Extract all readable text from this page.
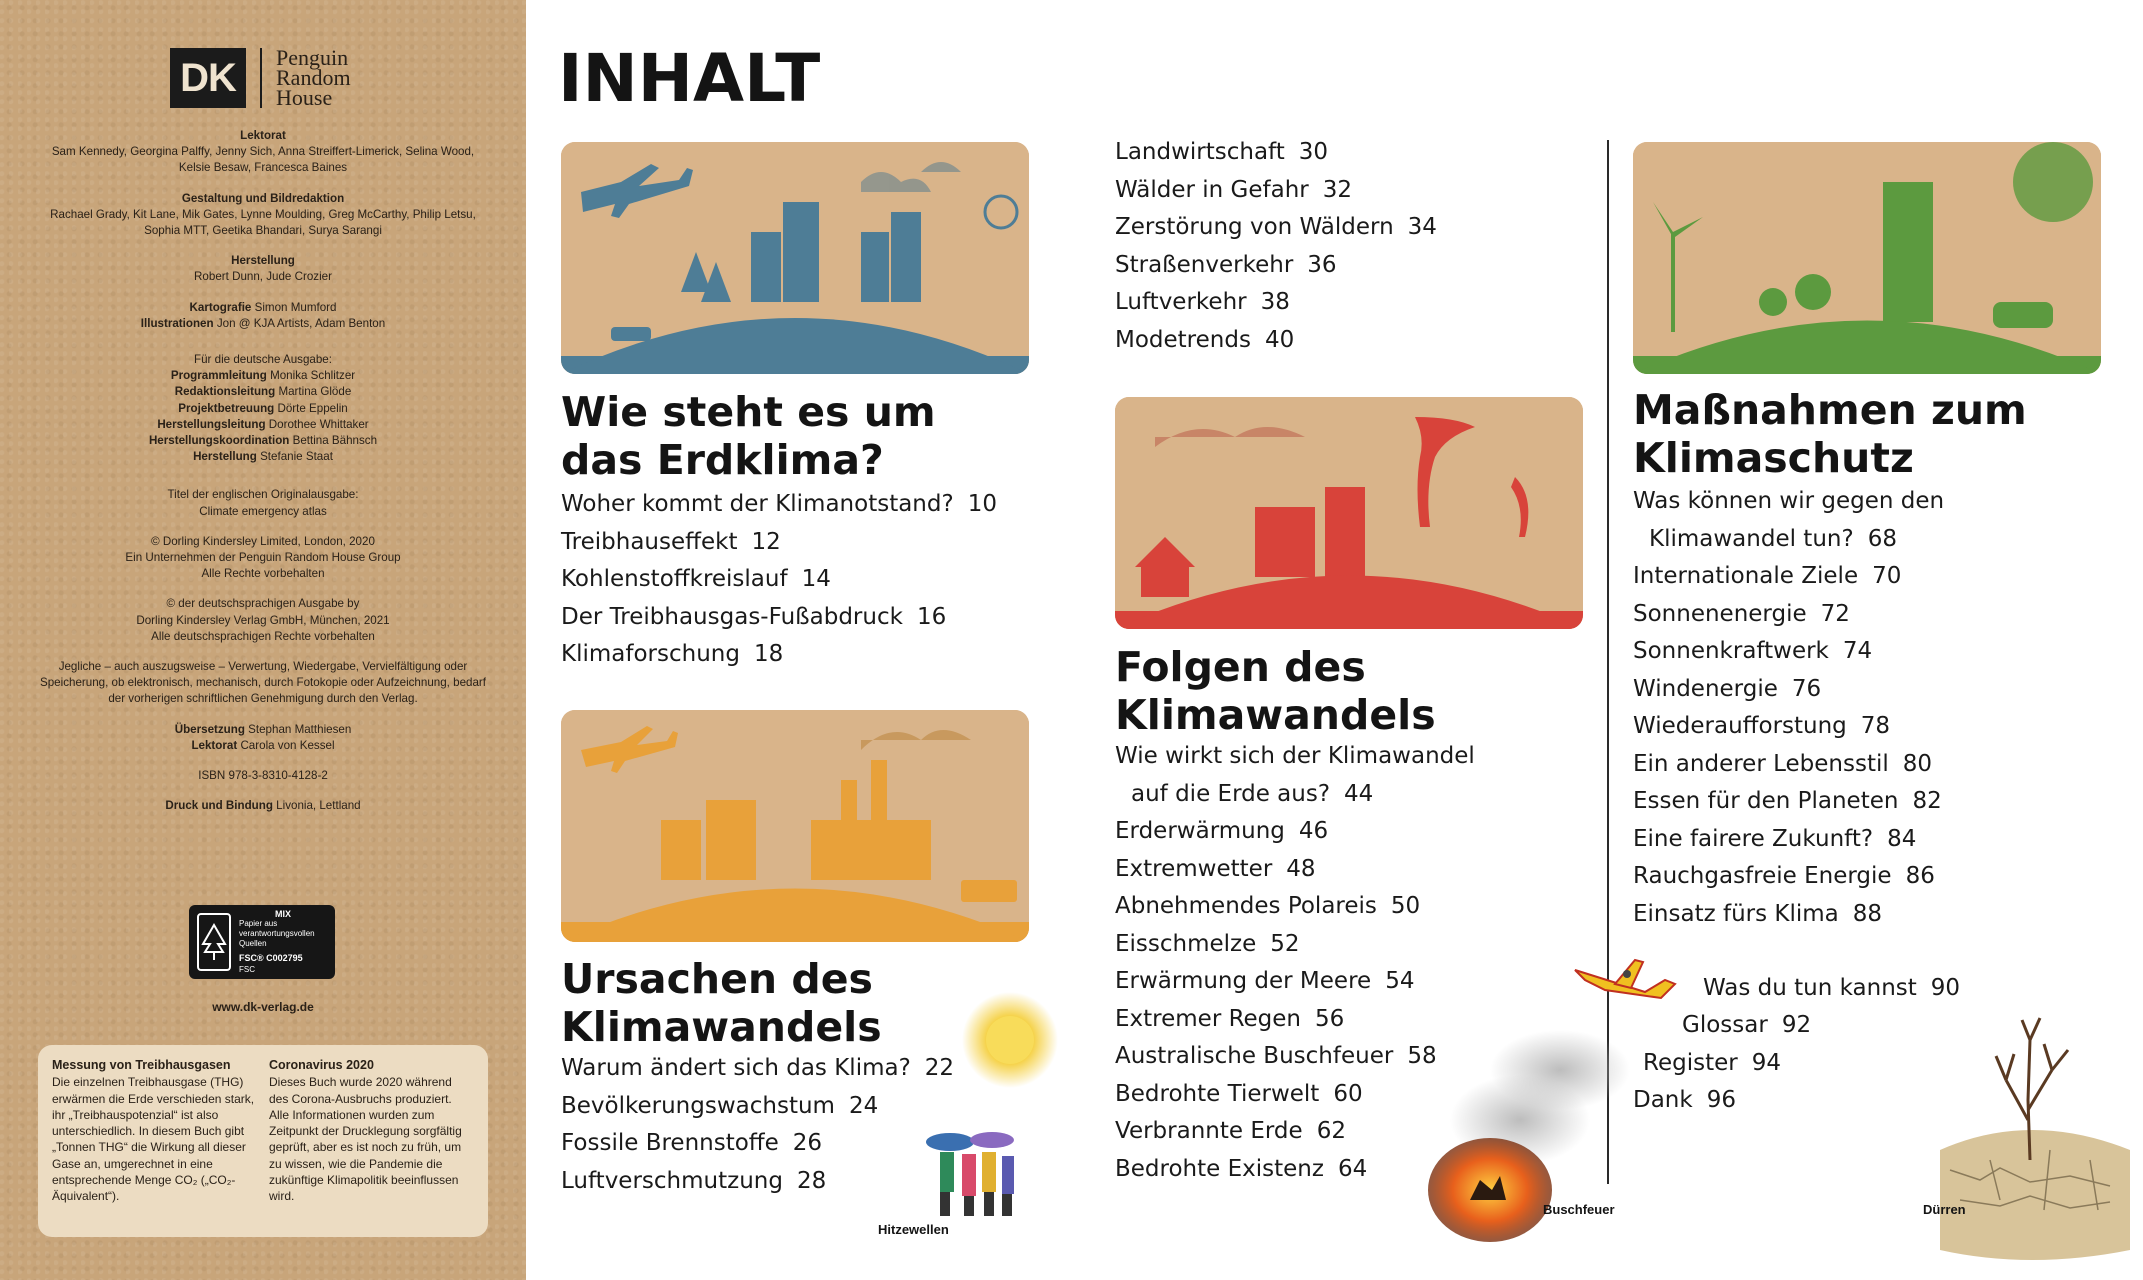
DK Penguin
Random
House
Lektorat
Sam Kennedy, Georgina Palffy, Jenny Sich, Anna Streiffert-Limerick, Selina Wood, Kelsie Besaw, Francesca Baines
Gestaltung und Bildredaktion
Rachael Grady, Kit Lane, Mik Gates, Lynne Moulding, Greg McCarthy, Philip Letsu, Sophia MTT, Geetika Bhandari, Surya Sarangi
Herstellung
Robert Dunn, Jude Crozier
Kartografie Simon Mumford
Illustrationen Jon @ KJA Artists, Adam Benton
Für die deutsche Ausgabe:
Programmleitung Monika Schlitzer
Redaktionsleitung Martina Glöde
Projektbetreuung Dörte Eppelin
Herstellungsleitung Dorothee Whittaker
Herstellungskoordination Bettina Bähnsch
Herstellung Stefanie Staat
Titel der englischen Originalausgabe:
Climate emergency atlas
© Dorling Kindersley Limited, London, 2020
Ein Unternehmen der Penguin Random House Group
Alle Rechte vorbehalten
© der deutschsprachigen Ausgabe by
Dorling Kindersley Verlag GmbH, München, 2021
Alle deutschsprachigen Rechte vorbehalten
Jegliche – auch auszugsweise – Verwertung, Wiedergabe, Vervielfältigung oder Speicherung, ob elektronisch, mechanisch, durch Fotokopie oder Aufzeichnung, bedarf der vorherigen schriftlichen Genehmigung durch den Verlag.
Übersetzung Stephan Matthiesen
Lektorat Carola von Kessel
ISBN 978-3-8310-4128-2
Druck und Bindung Livonia, Lettland
MIX
Papier aus verantwortungsvollen Quellen
FSC® C002795
FSC
www.dk-verlag.de
Messung von Treibhausgasen
Die einzelnen Treibhausgase (THG) erwärmen die Erde verschieden stark, ihr „Treibhauspotenzial“ ist also unterschiedlich. In diesem Buch gibt „Tonnen THG“ die Wirkung all dieser Gase an, umgerechnet in eine entsprechende Menge CO₂ („CO₂-Äquivalent“).
Coronavirus 2020
Dieses Buch wurde 2020 während des Corona-Ausbruchs produziert. Alle Informationen wurden zum Zeitpunkt der Drucklegung sorgfältig geprüft, aber es ist noch zu früh, um zu wissen, wie die Pandemie die zukünftige Klimapolitik beeinflussen wird.
INHALT
Wie steht es um
das Erdklima?
Woher kommt der Klimanotstand? 10
Treibhauseffekt 12
Kohlenstoffkreislauf 14
Der Treibhausgas-Fußabdruck 16
Klimaforschung 18
Ursachen des
Klimawandels
Warum ändert sich das Klima? 22
Bevölkerungswachstum 24
Fossile Brennstoffe 26
Luftverschmutzung 28
Landwirtschaft 30
Wälder in Gefahr 32
Zerstörung von Wäldern 34
Straßenverkehr 36
Luftverkehr 38
Modetrends 40
Folgen des
Klimawandels
Wie wirkt sich der Klimawandel
auf die Erde aus? 44
Erderwärmung 46
Extremwetter 48
Abnehmendes Polareis 50
Eisschmelze 52
Erwärmung der Meere 54
Extremer Regen 56
Australische Buschfeuer 58
Bedrohte Tierwelt 60
Verbrannte Erde 62
Bedrohte Existenz 64
Maßnahmen zum
Klimaschutz
Was können wir gegen den
Klimawandel tun? 68
Internationale Ziele 70
Sonnenenergie 72
Sonnenkraftwerk 74
Windenergie 76
Wiederaufforstung 78
Ein anderer Lebensstil 80
Essen für den Planeten 82
Eine fairere Zukunft? 84
Rauchgasfreie Energie 86
Einsatz fürs Klima 88
Was du tun kannst 90
Glossar 92
Register 94
Dank 96
Hitzewellen
Buschfeuer	Dürren
